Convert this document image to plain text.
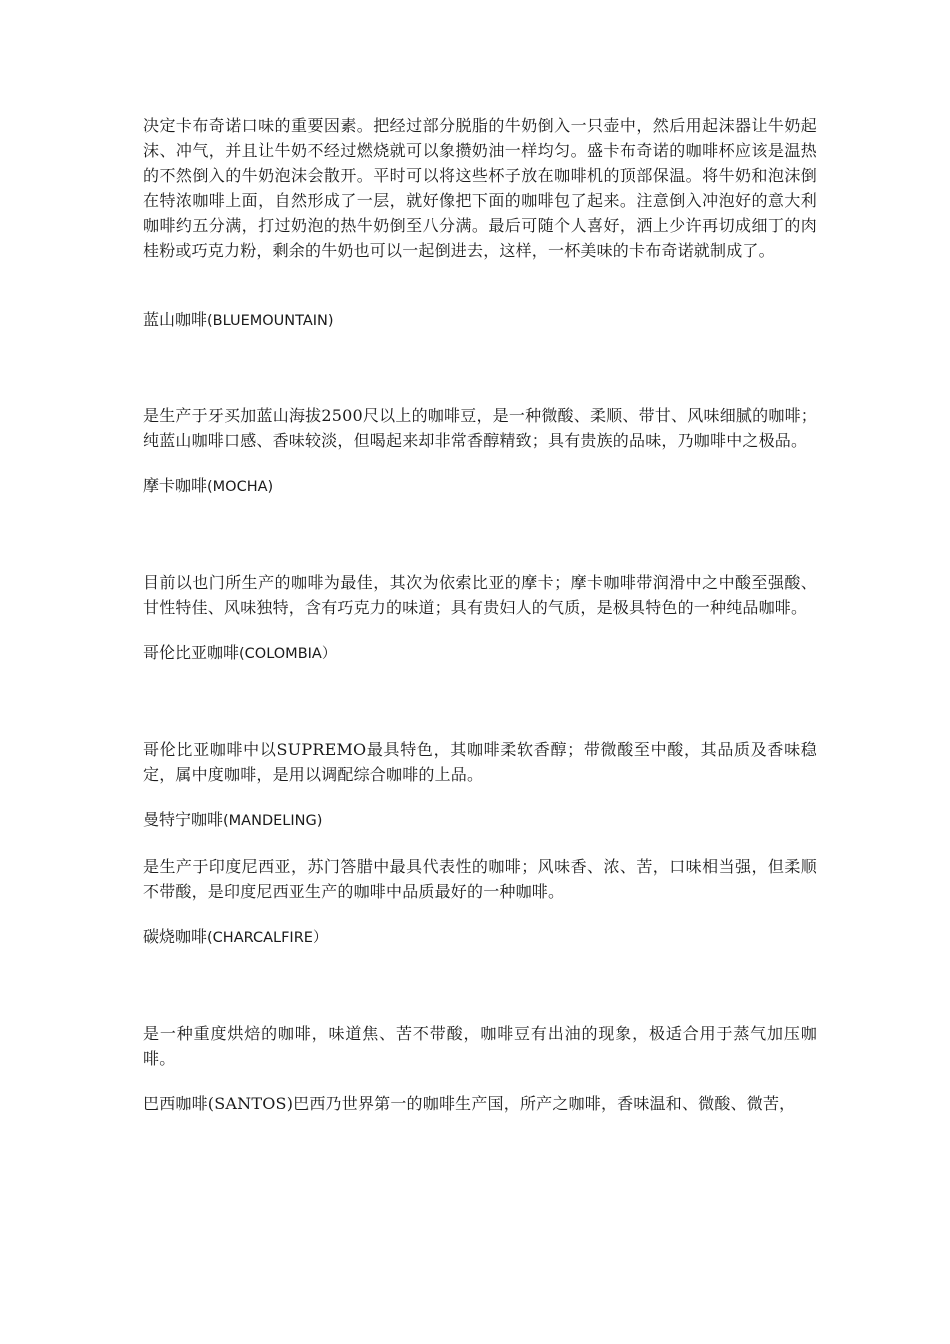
决定卡布奇诺口味的重要因素。把经过部分脱脂的牛奶倒入一只壶中，然后用起沫器让牛奶起沫、冲气，并且让牛奶不经过燃烧就可以象攒奶油一样均匀。盛卡布奇诺的咖啡杯应该是温热的不然倒入的牛奶泡沫会散开。平时可以将这些杯子放在咖啡机的顶部保温。将牛奶和泡沫倒在特浓咖啡上面，自然形成了一层，就好像把下面的咖啡包了起来。注意倒入冲泡好的意大利咖啡约五分满，打过奶泡的热牛奶倒至八分满。最后可随个人喜好，洒上少许再切成细丁的肉桂粉或巧克力粉，剩余的牛奶也可以一起倒进去，这样，一杯美味的卡布奇诺就制成了。

蓝山咖啡(BLUEMOUNTAIN)

是生产于牙买加蓝山海拔2500尺以上的咖啡豆，是一种微酸、柔顺、带甘、风味细腻的咖啡；纯蓝山咖啡口感、香味较淡，但喝起来却非常香醇精致；具有贵族的品味，乃咖啡中之极品。

摩卡咖啡(MOCHA)

目前以也门所生产的咖啡为最佳，其次为依索比亚的摩卡；摩卡咖啡带润滑中之中酸至强酸、甘性特佳、风味独特，含有巧克力的味道；具有贵妇人的气质，是极具特色的一种纯品咖啡。

哥伦比亚咖啡(COLOMBIA）

哥伦比亚咖啡中以SUPREMO最具特色，其咖啡柔软香醇；带微酸至中酸，其品质及香味稳定，属中度咖啡，是用以调配综合咖啡的上品。

曼特宁咖啡(MANDELING)

是生产于印度尼西亚，苏门答腊中最具代表性的咖啡；风味香、浓、苦，口味相当强，但柔顺不带酸，是印度尼西亚生产的咖啡中品质最好的一种咖啡。

碳烧咖啡(CHARCALFIRE）

是一种重度烘焙的咖啡，味道焦、苦不带酸，咖啡豆有出油的现象，极适合用于蒸气加压咖啡。

巴西咖啡(SANTOS)巴西乃世界第一的咖啡生产国，所产之咖啡，香味温和、微酸、微苦，
